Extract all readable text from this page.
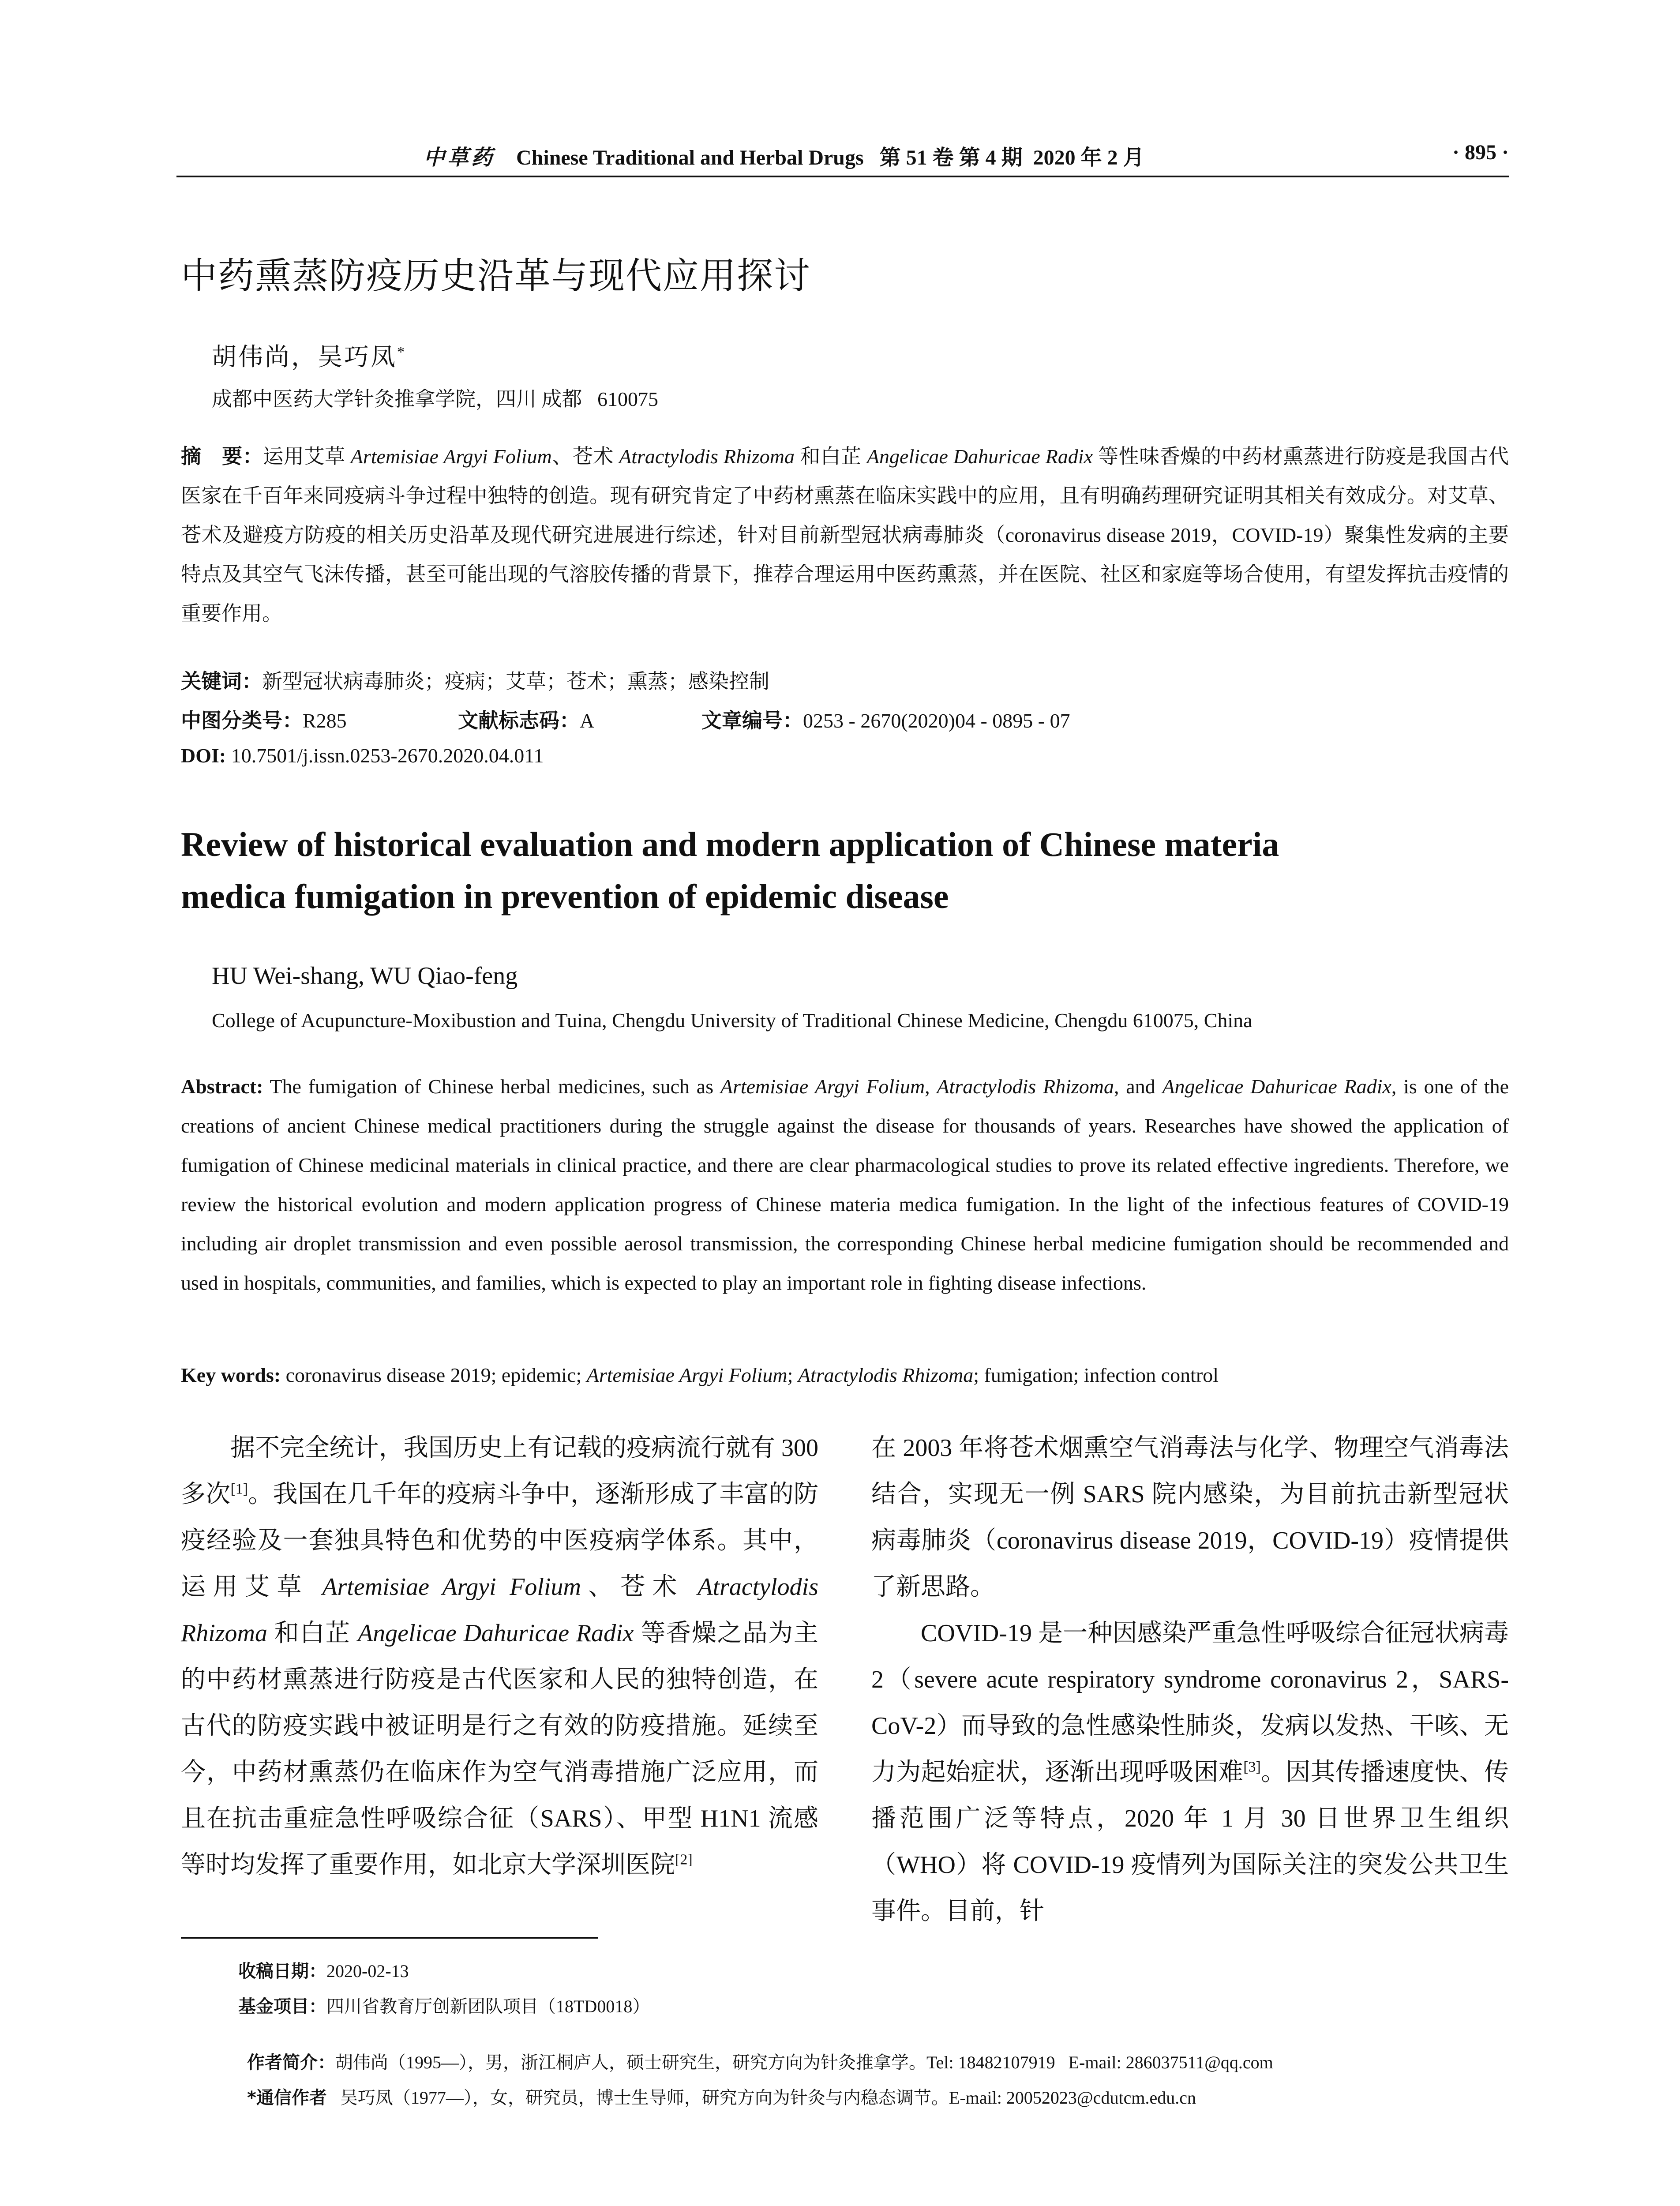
中草药 Chinese Traditional and Herbal Drugs   第 51 卷 第 4 期  2020 年 2 月	· 895 ·
中药熏蒸防疫历史沿革与现代应用探讨
胡伟尚，吴巧凤*
成都中医药大学针灸推拿学院，四川 成都   610075
摘　要：运用艾草 Artemisiae Argyi Folium、苍术 Atractylodis Rhizoma 和白芷 Angelicae Dahuricae Radix 等性味香燥的中药材熏蒸进行防疫是我国古代医家在千百年来同疫病斗争过程中独特的创造。现有研究肯定了中药材熏蒸在临床实践中的应用，且有明确药理研究证明其相关有效成分。对艾草、苍术及避疫方防疫的相关历史沿革及现代研究进展进行综述，针对目前新型冠状病毒肺炎（coronavirus disease 2019，COVID-19）聚集性发病的主要特点及其空气飞沫传播，甚至可能出现的气溶胶传播的背景下，推荐合理运用中医药熏蒸，并在医院、社区和家庭等场合使用，有望发挥抗击疫情的重要作用。
关键词：新型冠状病毒肺炎；疫病；艾草；苍术；熏蒸；感染控制
中图分类号：R285	文献标志码：A	文章编号：0253 - 2670(2020)04 - 0895 - 07
DOI: 10.7501/j.issn.0253-2670.2020.04.011
Review of historical evaluation and modern application of Chinese materia
medica fumigation in prevention of epidemic disease
HU Wei-shang, WU Qiao-feng
College of Acupuncture-Moxibustion and Tuina, Chengdu University of Traditional Chinese Medicine, Chengdu 610075, China
Abstract: The fumigation of Chinese herbal medicines, such as Artemisiae Argyi Folium, Atractylodis Rhizoma, and Angelicae Dahuricae Radix, is one of the creations of ancient Chinese medical practitioners during the struggle against the disease for thousands of years. Researches have showed the application of fumigation of Chinese medicinal materials in clinical practice, and there are clear pharmacological studies to prove its related effective ingredients. Therefore, we review the historical evolution and modern application progress of Chinese materia medica fumigation. In the light of the infectious features of COVID-19 including air droplet transmission and even possible aerosol transmission, the corresponding Chinese herbal medicine fumigation should be recommended and used in hospitals, communities, and families, which is expected to play an important role in fighting disease infections.
Key words: coronavirus disease 2019; epidemic; Artemisiae Argyi Folium; Atractylodis Rhizoma; fumigation; infection control

据不完全统计，我国历史上有记载的疫病流行就有 300 多次[1]。我国在几千年的疫病斗争中，逐渐形成了丰富的防疫经验及一套独具特色和优势的中医疫病学体系。其中，运用艾草 Artemisiae Argyi Folium、苍术 Atractylodis Rhizoma 和白芷 Angelicae Dahuricae Radix 等香燥之品为主的中药材熏蒸进行防疫是古代医家和人民的独特创造，在古代的防疫实践中被证明是行之有效的防疫措施。延续至今，中药材熏蒸仍在临床作为空气消毒措施广泛应用，而且在抗击重症急性呼吸综合征（SARS）、甲型 H1N1 流感等时均发挥了重要作用，如北京大学深圳医院[2]

在 2003 年将苍术烟熏空气消毒法与化学、物理空气消毒法结合，实现无一例 SARS 院内感染，为目前抗击新型冠状病毒肺炎（coronavirus disease 2019，COVID-19）疫情提供了新思路。

COVID-19 是一种因感染严重急性呼吸综合征冠状病毒 2（severe acute respiratory syndrome coronavirus 2，SARS-CoV-2）而导致的急性感染性肺炎，发病以发热、干咳、无力为起始症状，逐渐出现呼吸困难[3]。因其传播速度快、传播范围广泛等特点，2020 年 1 月 30 日世界卫生组织（WHO）将 COVID-19 疫情列为国际关注的突发公共卫生事件。目前，针

收稿日期：2020-02-13
基金项目：四川省教育厅创新团队项目（18TD0018）

作者简介：胡伟尚（1995—），男，浙江桐庐人，硕士研究生，研究方向为针灸推拿学。Tel: 18482107919   E-mail: 286037511@qq.com

*通信作者   吴巧凤（1977—），女，研究员，博士生导师，研究方向为针灸与内稳态调节。E-mail: 20052023@cdutcm.edu.cn
